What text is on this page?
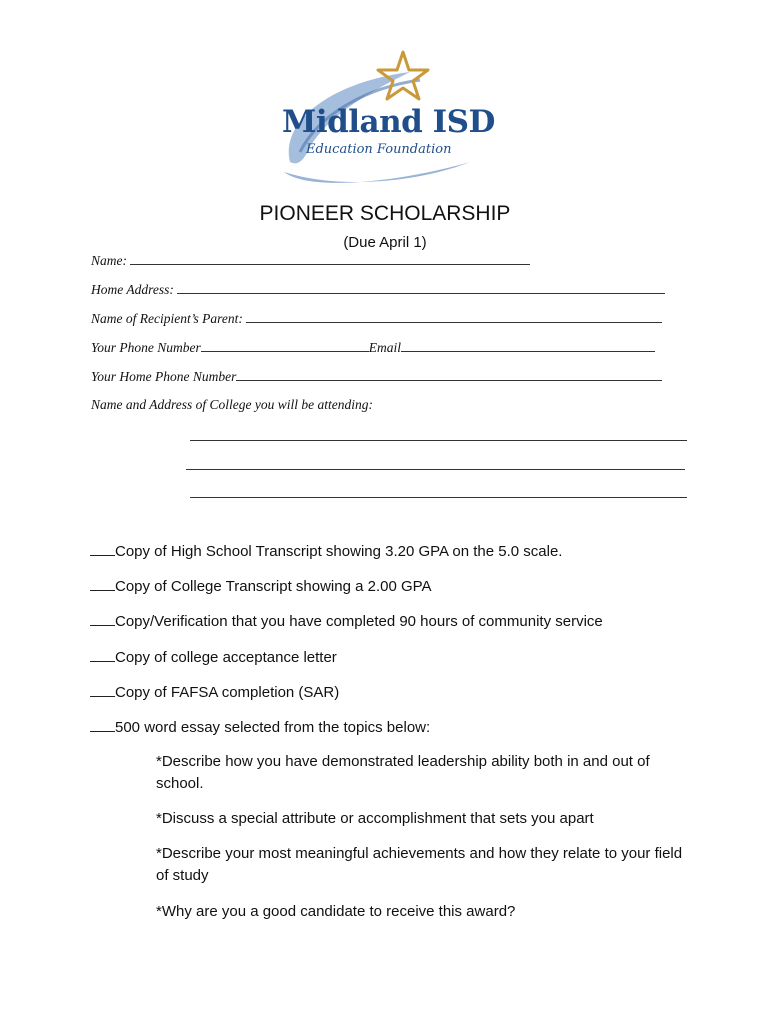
Midland ISD
Education Foundation
PIONEER SCHOLARSHIP
(Due April 1)
Name:
Home Address:
Name of Recipient’s Parent:
Your Phone Number	Email
Your Home Phone Number
Name and Address of College you will be attending:
Copy of High School Transcript showing 3.20 GPA on the 5.0 scale.
Copy of College Transcript showing a 2.00 GPA
Copy/Verification that you have completed 90 hours of community service
Copy of college acceptance letter
Copy of FAFSA completion (SAR)
500 word essay selected from the topics below:
*Describe how you have demonstrated leadership ability both in and out of school.
*Discuss a special attribute or accomplishment that sets you apart
*Describe your most meaningful achievements and how they relate to your field of study
*Why are you a good candidate to receive this award?
